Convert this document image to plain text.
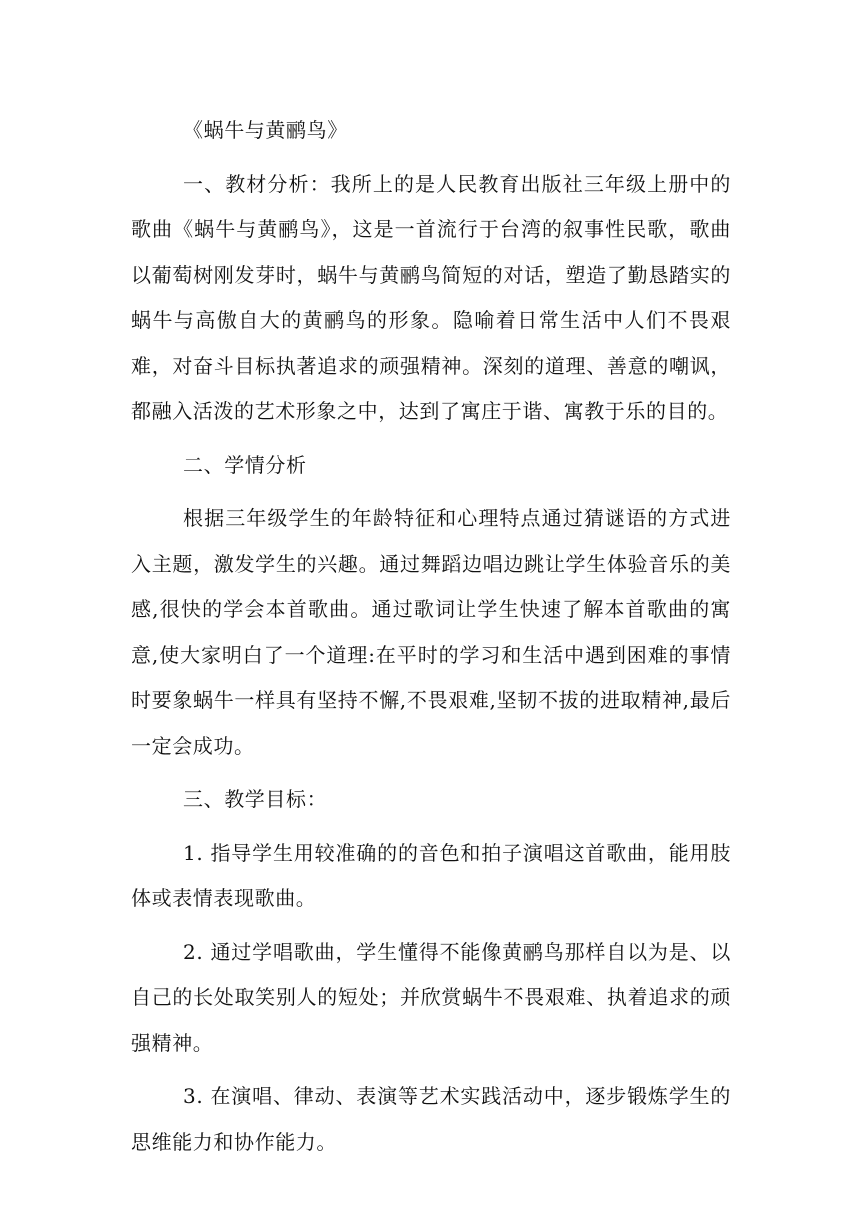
《蜗牛与黄鹂鸟》

一、教材分析：我所上的是人民教育出版社三年级上册中的歌曲《蜗牛与黄鹂鸟》，这是一首流行于台湾的叙事性民歌，歌曲以葡萄树刚发芽时，蜗牛与黄鹂鸟简短的对话，塑造了勤恳踏实的蜗牛与高傲自大的黄鹂鸟的形象。隐喻着日常生活中人们不畏艰难，对奋斗目标执著追求的顽强精神。深刻的道理、善意的嘲讽，都融入活泼的艺术形象之中，达到了寓庄于谐、寓教于乐的目的。

二、学情分析

根据三年级学生的年龄特征和心理特点通过猜谜语的方式进入主题，激发学生的兴趣。通过舞蹈边唱边跳让学生体验音乐的美感,很快的学会本首歌曲。通过歌词让学生快速了解本首歌曲的寓意,使大家明白了一个道理:在平时的学习和生活中遇到困难的事情时要象蜗牛一样具有坚持不懈,不畏艰难,坚韧不拔的进取精神,最后一定会成功。

三、教学目标：

1. 指导学生用较准确的的音色和拍子演唱这首歌曲，能用肢体或表情表现歌曲。

2. 通过学唱歌曲，学生懂得不能像黄鹂鸟那样自以为是、以自己的长处取笑别人的短处；并欣赏蜗牛不畏艰难、执着追求的顽强精神。

3. 在演唱、律动、表演等艺术实践活动中，逐步锻炼学生的思维能力和协作能力。
